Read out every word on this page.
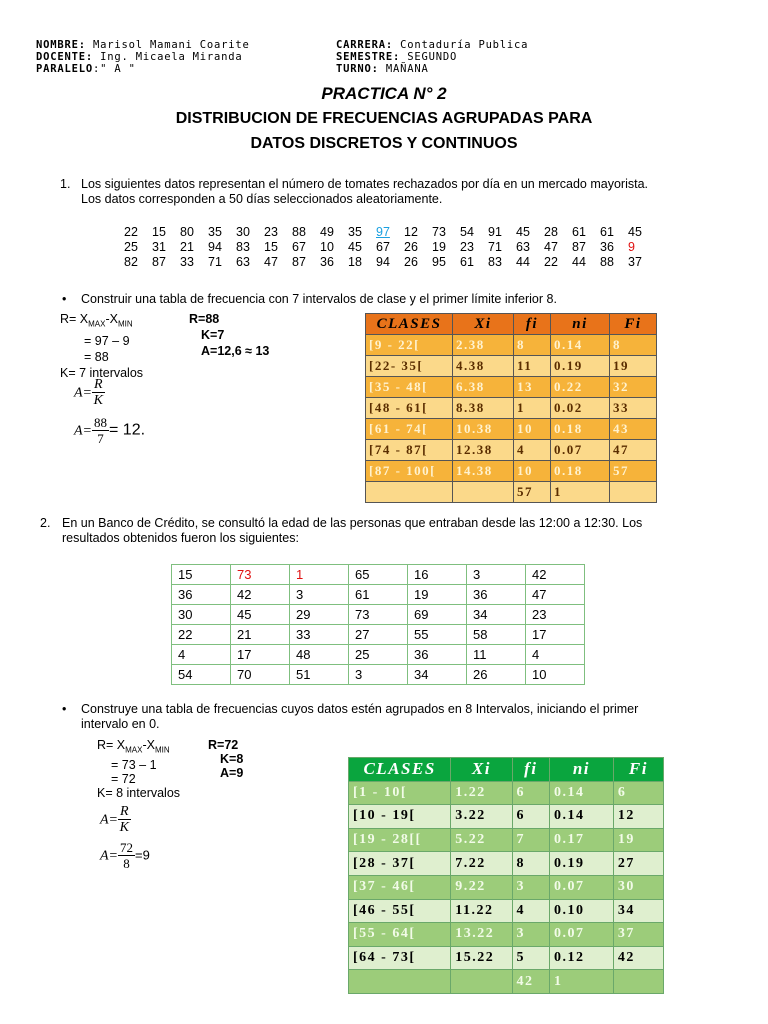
NOMBRE: Marisol Mamani Coarite
DOCENTE: Ing. Micaela Miranda
PARALELO:" A "
CARRERA: Contaduría Publica
SEMESTRE: SEGUNDO
TURNO: MAÑANA
PRACTICA N° 2
DISTRIBUCION DE FRECUENCIAS AGRUPADAS PARA
DATOS DISCRETOS Y CONTINUOS
1. Los siguientes datos representan el número de tomates rechazados por día en un mercado mayorista.
Los datos corresponden a 50 días seleccionados aleatoriamente.
22 15 80 35 30 23 88 49 35 97 12 73 54 91 45 28 61 61 45
25 31 21 94 83 15 67 10 45 67 26 19 23 71 63 47 87 36 9
82 87 33 71 63 47 87 36 18 94 26 95 61 83 44 22 44 88 37
• Construir una tabla de frecuencia con 7 intervalos de clase y el primer límite inferior 8.
$R= X_{MAX}-X_{MIN}$
= 97 – 9
= 88
K= 7 intervalos
R=88
K=7
A=12,6 ≈ 13
$A= \frac{R}{K}$
$A= \frac{88}{7} = 12$.
CLASES	Xi	fi	ni	Fi
[9 - 22[	2.38	8	0.14	8
[22- 35[	4.38	11	0.19	19
[35 - 48[	6.38	13	0.22	32
[48 - 61[	8.38	1	0.02	33
[61 - 74[	10.38	10	0.18	43
[74 - 87[	12.38	4	0.07	47
[87 - 100[	14.38	10	0.18	57
		57	1	
2. En un Banco de Crédito, se consultó la edad de las personas que entraban desde las 12:00 a 12:30. Los
resultados obtenidos fueron los siguientes:
15	73	1	65	16	3	42
36	42	3	61	19	36	47
30	45	29	73	69	34	23
22	21	33	27	55	58	17
4	17	48	25	36	11	4
54	70	51	3	34	26	10
• Construye una tabla de frecuencias cuyos datos estén agrupados en 8 Intervalos, iniciando el primer
intervalo en 0.
$R= X_{MAX}-X_{MIN}$
= 73 – 1
= 72
K= 8 intervalos
R=72
K=8
A=9
$A= \frac{R}{K}$
$A= \frac{72}{8} =9$
CLASES	Xi	fi	ni	Fi
[1 - 10[	1.22	6	0.14	6
[10 - 19[	3.22	6	0.14	12
[19 - 28[[	5.22	7	0.17	19
[28 - 37[	7.22	8	0.19	27
[37 - 46[	9.22	3	0.07	30
[46 - 55[	11.22	4	0.10	34
[55 - 64[	13.22	3	0.07	37
[64 - 73[	15.22	5	0.12	42
		42	1	
